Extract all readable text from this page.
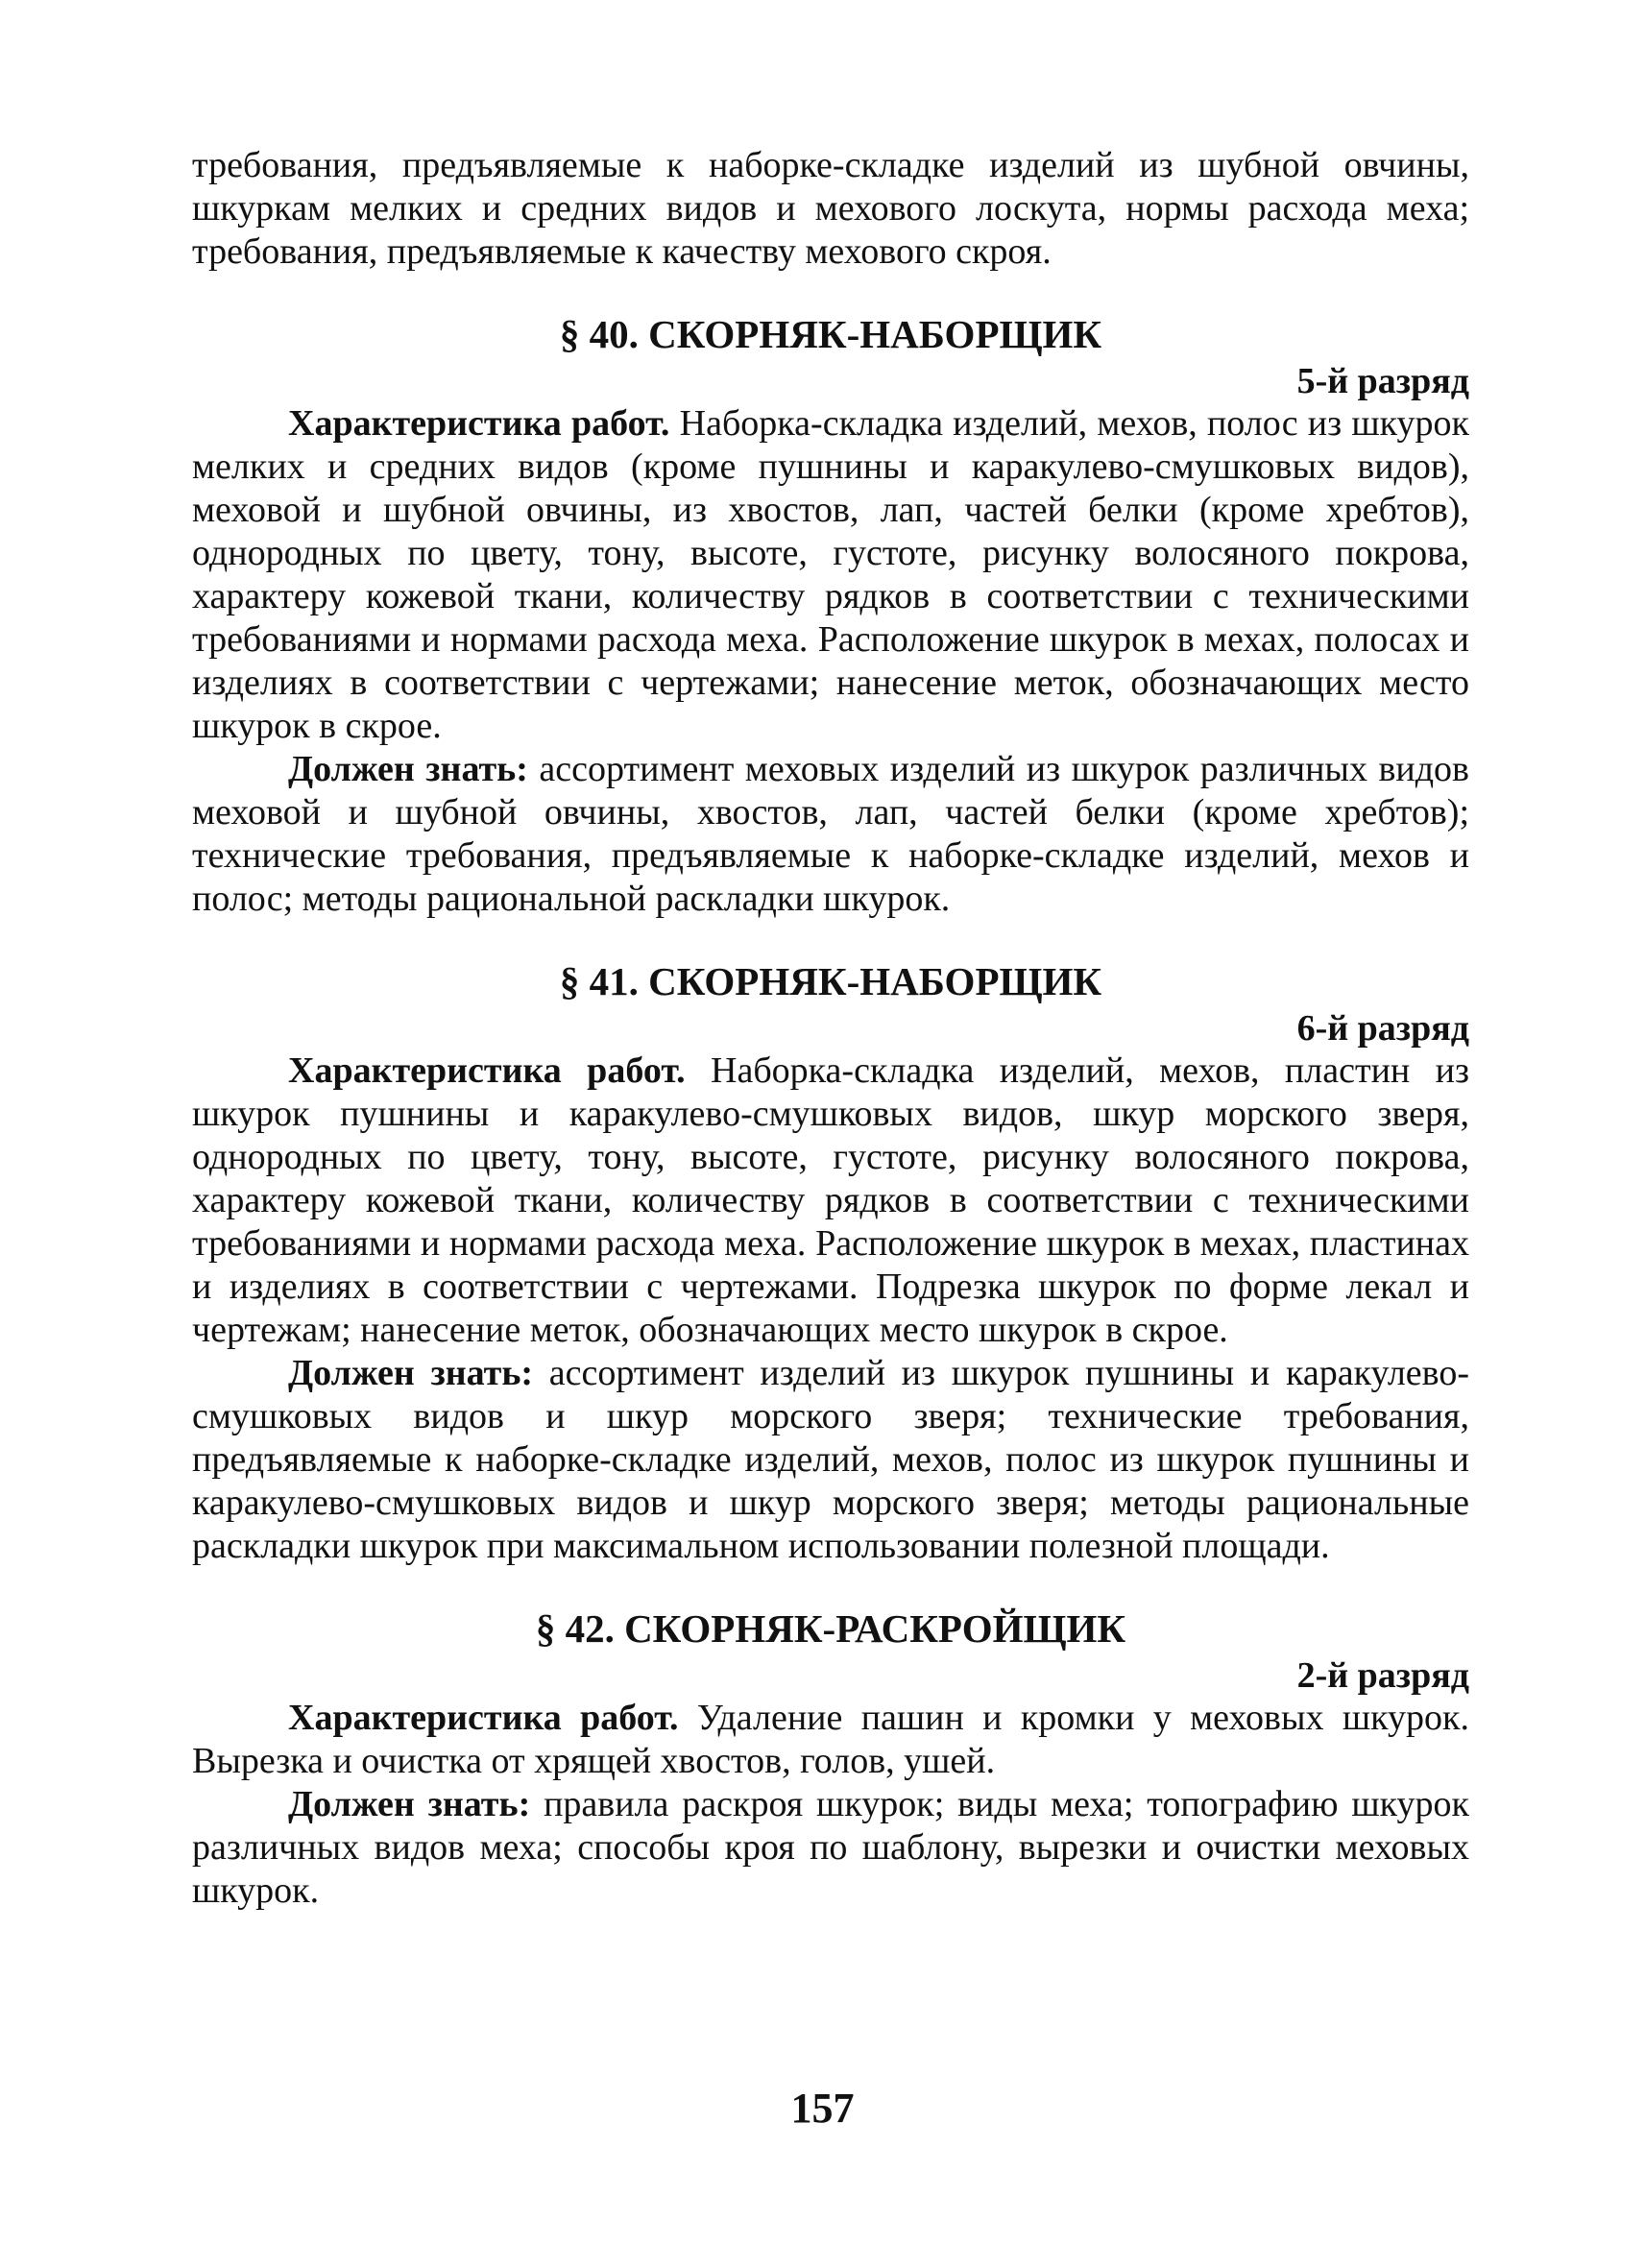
требования, предъявляемые к наборке-складке изделий из шубной овчины, шкуркам мелких и средних видов и мехового лоскута, нормы расхода меха; требования, предъявляемые к качеству мехового скроя.

§ 40. СКОРНЯК-НАБОРЩИК
5-й разряд

Характеристика работ. Наборка-складка изделий, мехов, полос из шкурок мелких и средних видов (кроме пушнины и каракулево-смушковых видов), меховой и шубной овчины, из хвостов, лап, частей белки (кроме хребтов), однородных по цвету, тону, высоте, густоте, рисунку волосяного покрова, характеру кожевой ткани, количеству рядков в соответствии с техническими требованиями и нормами расхода меха. Расположение шкурок в мехах, полосах и изделиях в соответствии с чертежами; нанесение меток, обозначающих место шкурок в скрое.

Должен знать: ассортимент меховых изделий из шкурок различных видов меховой и шубной овчины, хвостов, лап, частей белки (кроме хребтов); технические требования, предъявляемые к наборке-складке изделий, мехов и полос; методы рациональной раскладки шкурок.

§ 41. СКОРНЯК-НАБОРЩИК
6-й разряд

Характеристика работ. Наборка-складка изделий, мехов, пластин из шкурок пушнины и каракулево-смушковых видов, шкур морского зверя, однородных по цвету, тону, высоте, густоте, рисунку волосяного покрова, характеру кожевой ткани, количеству рядков в соответствии с техническими требованиями и нормами расхода меха. Расположение шкурок в мехах, пластинах и изделиях в соответствии с чертежами. Подрезка шкурок по форме лекал и чертежам; нанесение меток, обозначающих место шкурок в скрое.

Должен знать: ассортимент изделий из шкурок пушнины и каракулево-смушковых видов и шкур морского зверя; технические требования, предъявляемые к наборке-складке изделий, мехов, полос из шкурок пушнины и каракулево-смушковых видов и шкур морского зверя; методы рациональные раскладки шкурок при максимальном использовании полезной площади.

§ 42. СКОРНЯК-РАСКРОЙЩИК
2-й разряд

Характеристика работ. Удаление пашин и кромки у меховых шкурок. Вырезка и очистка от хрящей хвостов, голов, ушей.

Должен знать: правила раскроя шкурок; виды меха; топографию шкурок различных видов меха; способы кроя по шаблону, вырезки и очистки меховых шкурок.

157
